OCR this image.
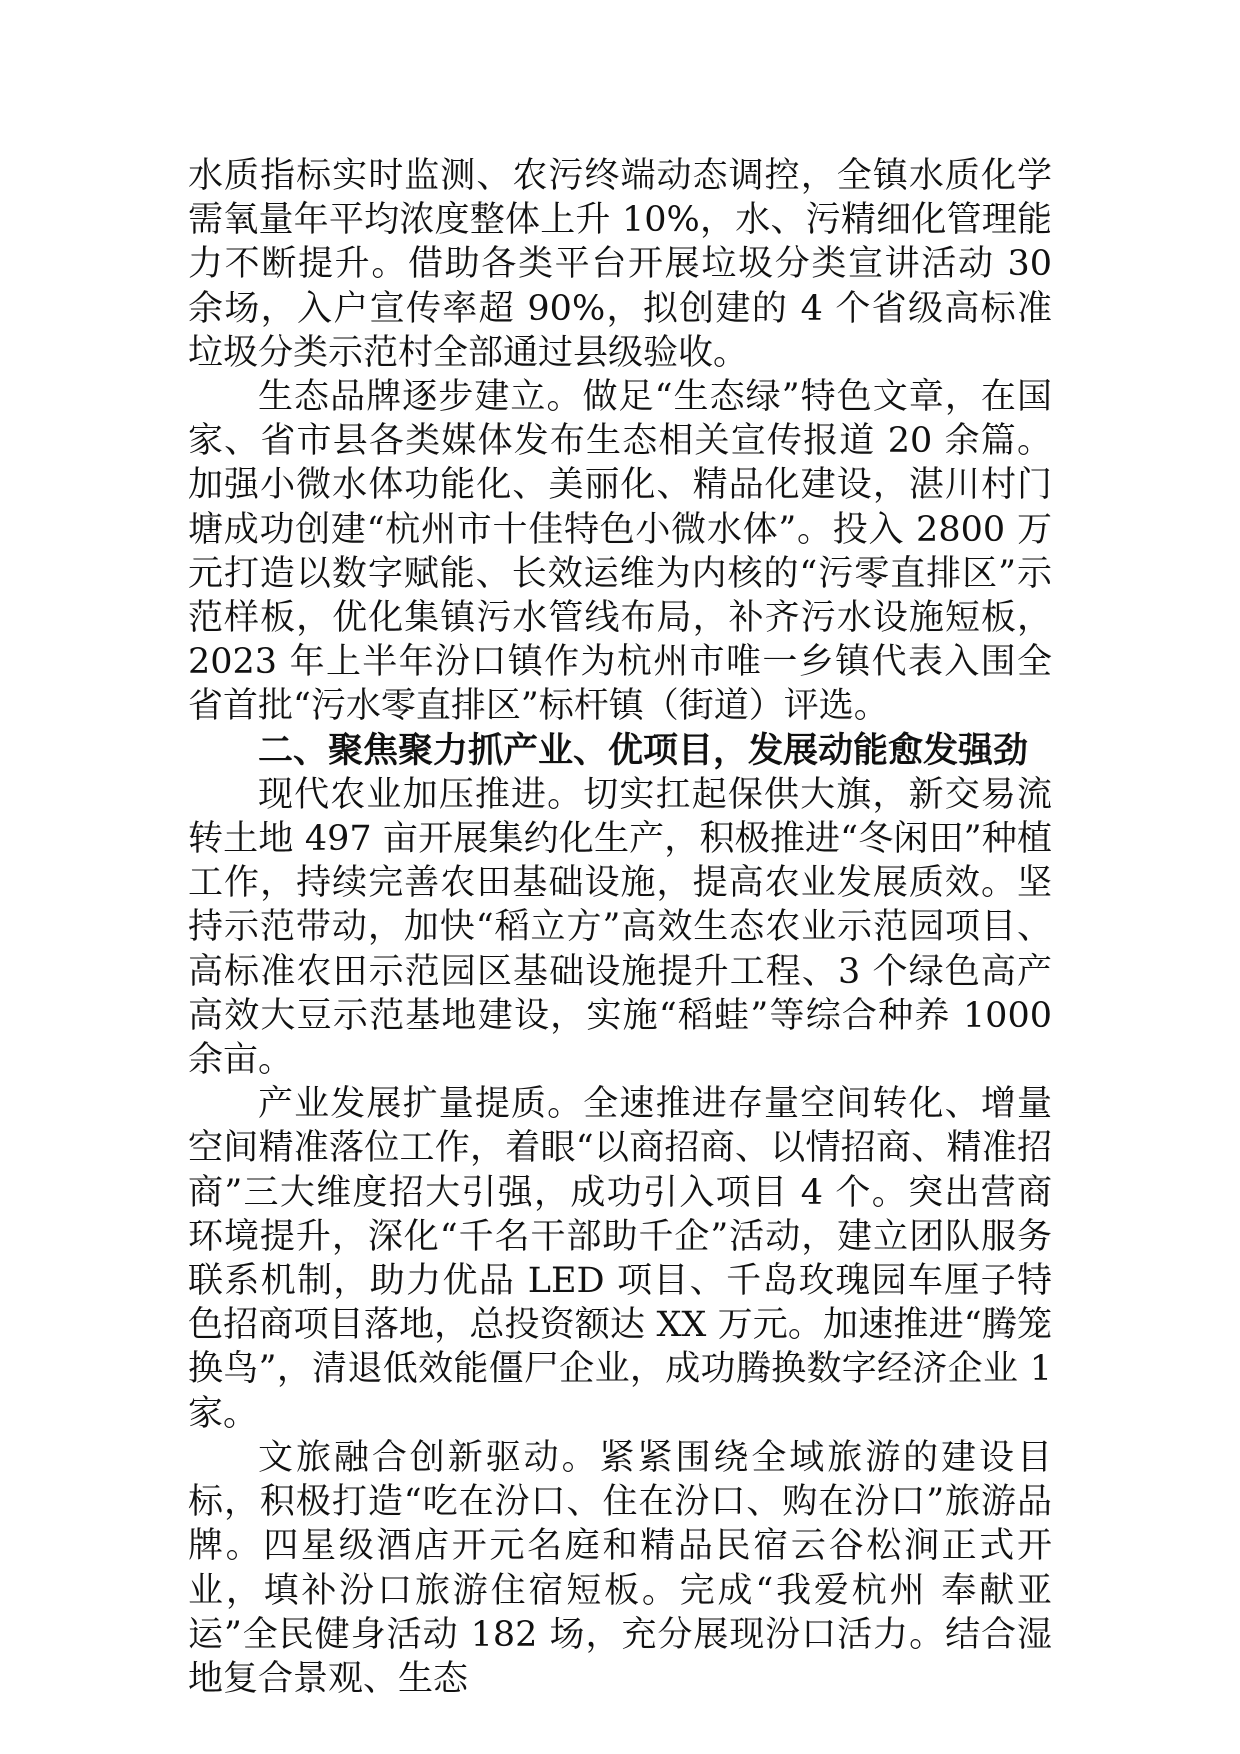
水质指标实时监测、农污终端动态调控，全镇水质化学需氧量年平均浓度整体上升 10%，水、污精细化管理能力不断提升。借助各类平台开展垃圾分类宣讲活动 30 余场，入户宣传率超 90%，拟创建的 4 个省级高标准垃圾分类示范村全部通过县级验收。

生态品牌逐步建立。做足“生态绿”特色文章，在国家、省市县各类媒体发布生态相关宣传报道 20 余篇。加强小微水体功能化、美丽化、精品化建设，湛川村门塘成功创建“杭州市十佳特色小微水体”。投入 2800 万元打造以数字赋能、长效运维为内核的“污零直排区”示范样板，优化集镇污水管线布局，补齐污水设施短板，2023 年上半年汾口镇作为杭州市唯一乡镇代表入围全省首批“污水零直排区”标杆镇（街道）评选。

二、聚焦聚力抓产业、优项目，发展动能愈发强劲

现代农业加压推进。切实扛起保供大旗，新交易流转土地 497 亩开展集约化生产，积极推进“冬闲田”种植工作，持续完善农田基础设施，提高农业发展质效。坚持示范带动，加快“稻立方”高效生态农业示范园项目、高标准农田示范园区基础设施提升工程、3 个绿色高产高效大豆示范基地建设，实施“稻蛙”等综合种养 1000 余亩。

产业发展扩量提质。全速推进存量空间转化、增量空间精准落位工作，着眼“以商招商、以情招商、精准招商”三大维度招大引强，成功引入项目 4 个。突出营商环境提升，深化“千名干部助千企”活动，建立团队服务联系机制，助力优品 LED 项目、千岛玫瑰园车厘子特色招商项目落地，总投资额达 XX 万元。加速推进“腾笼换鸟”，清退低效能僵尸企业，成功腾换数字经济企业 1 家。

文旅融合创新驱动。紧紧围绕全域旅游的建设目标，积极打造“吃在汾口、住在汾口、购在汾口”旅游品牌。四星级酒店开元名庭和精品民宿云谷松涧正式开业，填补汾口旅游住宿短板。完成“我爱杭州 奉献亚运”全民健身活动 182 场，充分展现汾口活力。结合湿地复合景观、生态
